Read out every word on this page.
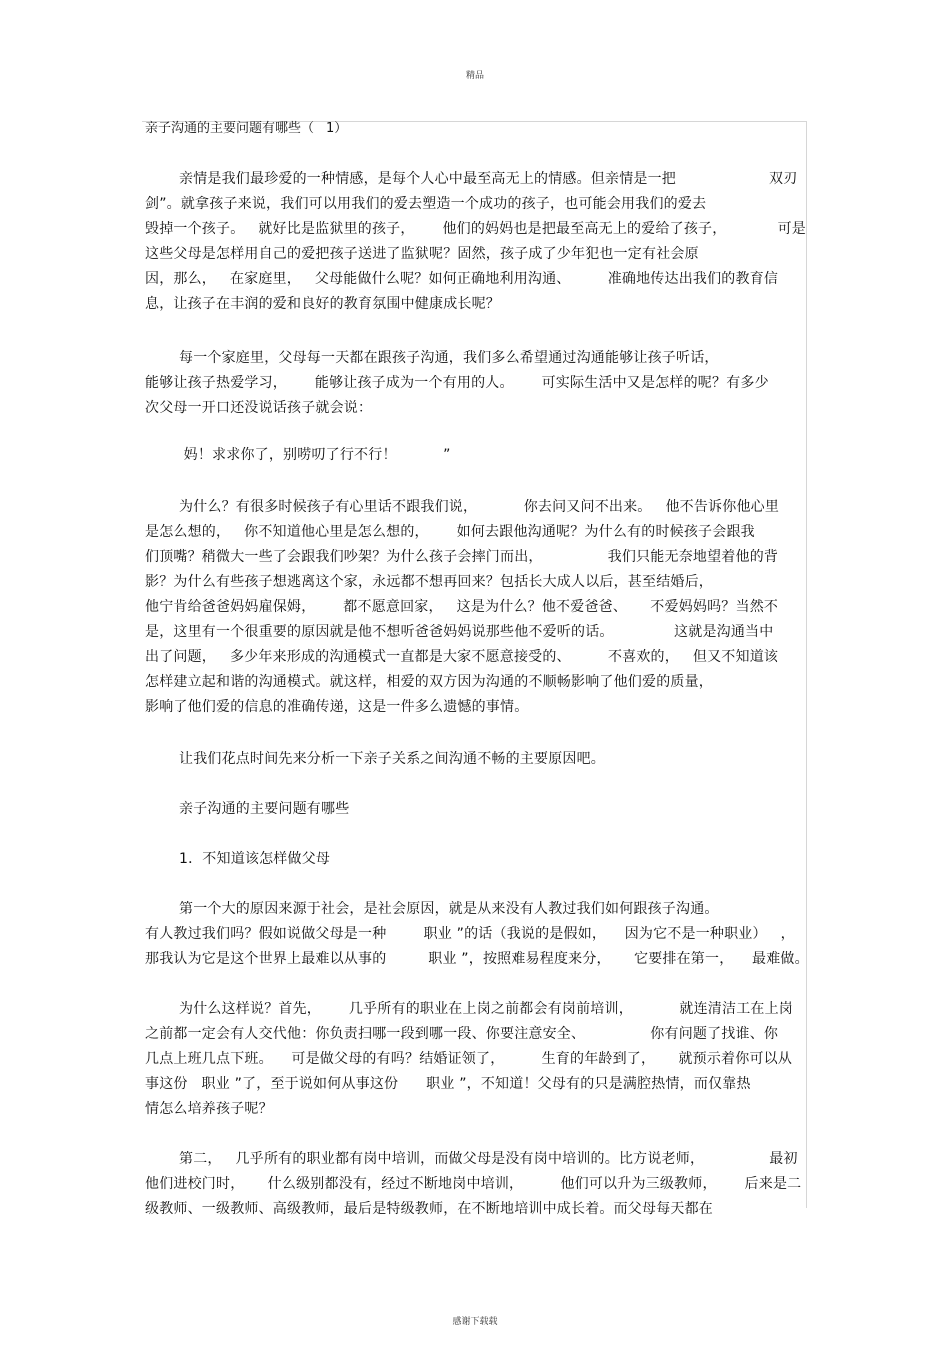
精品
亲子沟通的主要问题有哪些（ 1）
亲情是我们最珍爱的一种情感，是每个人心中最至高无上的情感。但亲情是一把                    双刃
剑”。就拿孩子来说，我们可以用我们的爱去塑造一个成功的孩子，也可能会用我们的爱去
毁掉一个孩子。   就好比是监狱里的孩子，      他们的妈妈也是把最至高无上的爱给了孩子，           可是
这些父母是怎样用自己的爱把孩子送进了监狱呢？固然，孩子成了少年犯也一定有社会原
因，那么，   在家庭里，   父母能做什么呢？如何正确地利用沟通、        准确地传达出我们的教育信
息，让孩子在丰润的爱和良好的教育氛围中健康成长呢？
每一个家庭里，父母每一天都在跟孩子沟通，我们多么希望通过沟通能够让孩子听话，
能够让孩子热爱学习，      能够让孩子成为一个有用的人。      可实际生活中又是怎样的呢？有多少
次父母一开口还没说话孩子就会说：
妈！求求你了，别唠叨了行不行！          ”
为什么？有很多时候孩子有心里话不跟我们说，          你去问又问不出来。   他不告诉你他心里
是怎么想的，   你不知道他心里是怎么想的，      如何去跟他沟通呢？为什么有的时候孩子会跟我
们顶嘴？稍微大一些了会跟我们吵架？为什么孩子会摔门而出，              我们只能无奈地望着他的背
影？为什么有些孩子想逃离这个家，永远都不想再回来？包括长大成人以后，甚至结婚后，
他宁肯给爸爸妈妈雇保姆，      都不愿意回家，   这是为什么？他不爱爸爸、     不爱妈妈吗？当然不
是，这里有一个很重要的原因就是他不想听爸爸妈妈说那些他不爱听的话。             这就是沟通当中
出了问题，   多少年来形成的沟通模式一直都是大家不愿意接受的、        不喜欢的，   但又不知道该
怎样建立起和谐的沟通模式。就这样，相爱的双方因为沟通的不顺畅影响了他们爱的质量，
影响了他们爱的信息的准确传递，这是一件多么遗憾的事情。
让我们花点时间先来分析一下亲子关系之间沟通不畅的主要原因吧。
亲子沟通的主要问题有哪些
1．不知道该怎样做父母
第一个大的原因来源于社会，是社会原因，就是从来没有人教过我们如何跟孩子沟通。
有人教过我们吗？假如说做父母是一种        职业 ”的话（我说的是假如，    因为它不是一种职业）   ，
那我认为它是这个世界上最难以从事的         职业 ”，按照难易程度来分，     它要排在第一，    最难做。
为什么这样说？首先，      几乎所有的职业在上岗之前都会有岗前培训，          就连清洁工在上岗
之前都一定会有人交代他：你负责扫哪一段到哪一段、你要注意安全、              你有问题了找谁、你
几点上班几点下班。    可是做父母的有吗？结婚证领了，        生育的年龄到了，     就预示着你可以从
事这份   职业 ”了，至于说如何从事这份      职业 ”，不知道！父母有的只是满腔热情，而仅靠热
情怎么培养孩子呢？
第二，   几乎所有的职业都有岗中培训，而做父母是没有岗中培训的。比方说老师，              最初
他们进校门时，     什么级别都没有，经过不断地岗中培训，        他们可以升为三级教师，      后来是二
级教师、一级教师、高级教师，最后是特级教师，在不断地培训中成长着。而父母每天都在
感谢下载载
